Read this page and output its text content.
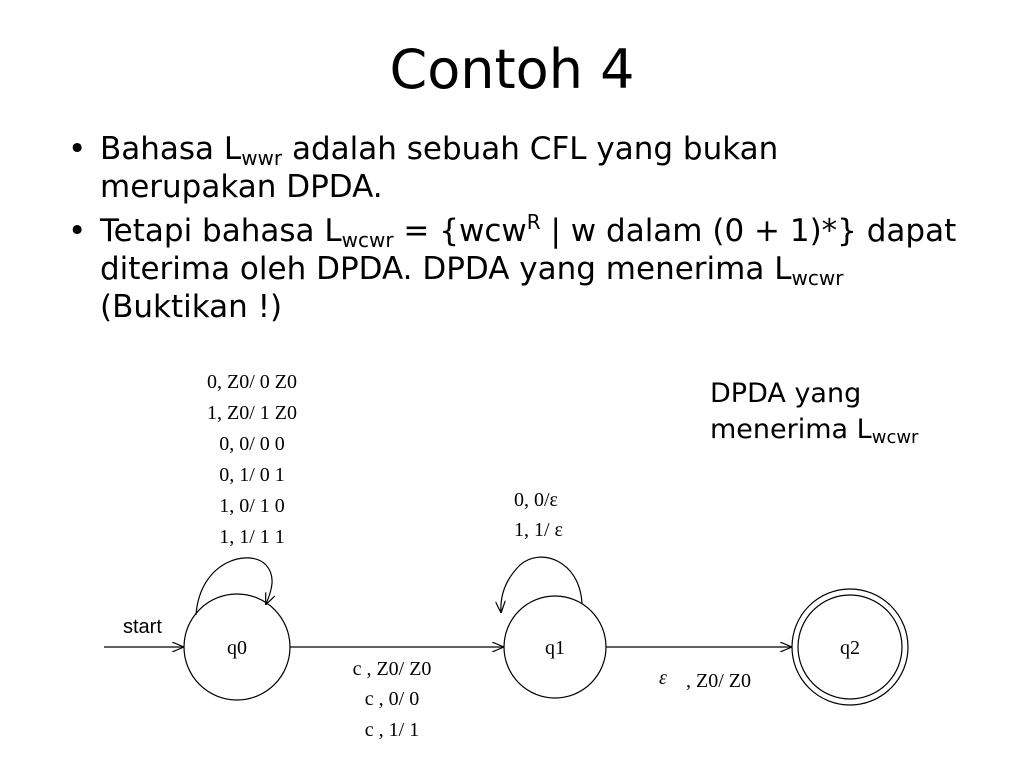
Contoh 4
• Bahasa $L_{wwr}$ adalah sebuah CFL yang bukan merupakan DPDA.
• Tetapi bahasa $L_{wcwr} = \{wcw^R$ | w dalam (0 + 1)*} dapat diterima oleh DPDA. DPDA yang menerima $L_{wcwr}$ (Buktikan !)
DPDA yang
menerima $L_{wcwr}$
start
q0	q1	q2
0, Z0/ 0 Z0
1, Z0/ 1 Z0
0, 0/ 0 0
0, 1/ 0 1
1, 0/ 1 0
1, 1/ 1 1
0, 0/ε
1, 1/ ε
c , Z0/ Z0
c , 0/ 0
c , 1/ 1
ε , Z0/ Z0
